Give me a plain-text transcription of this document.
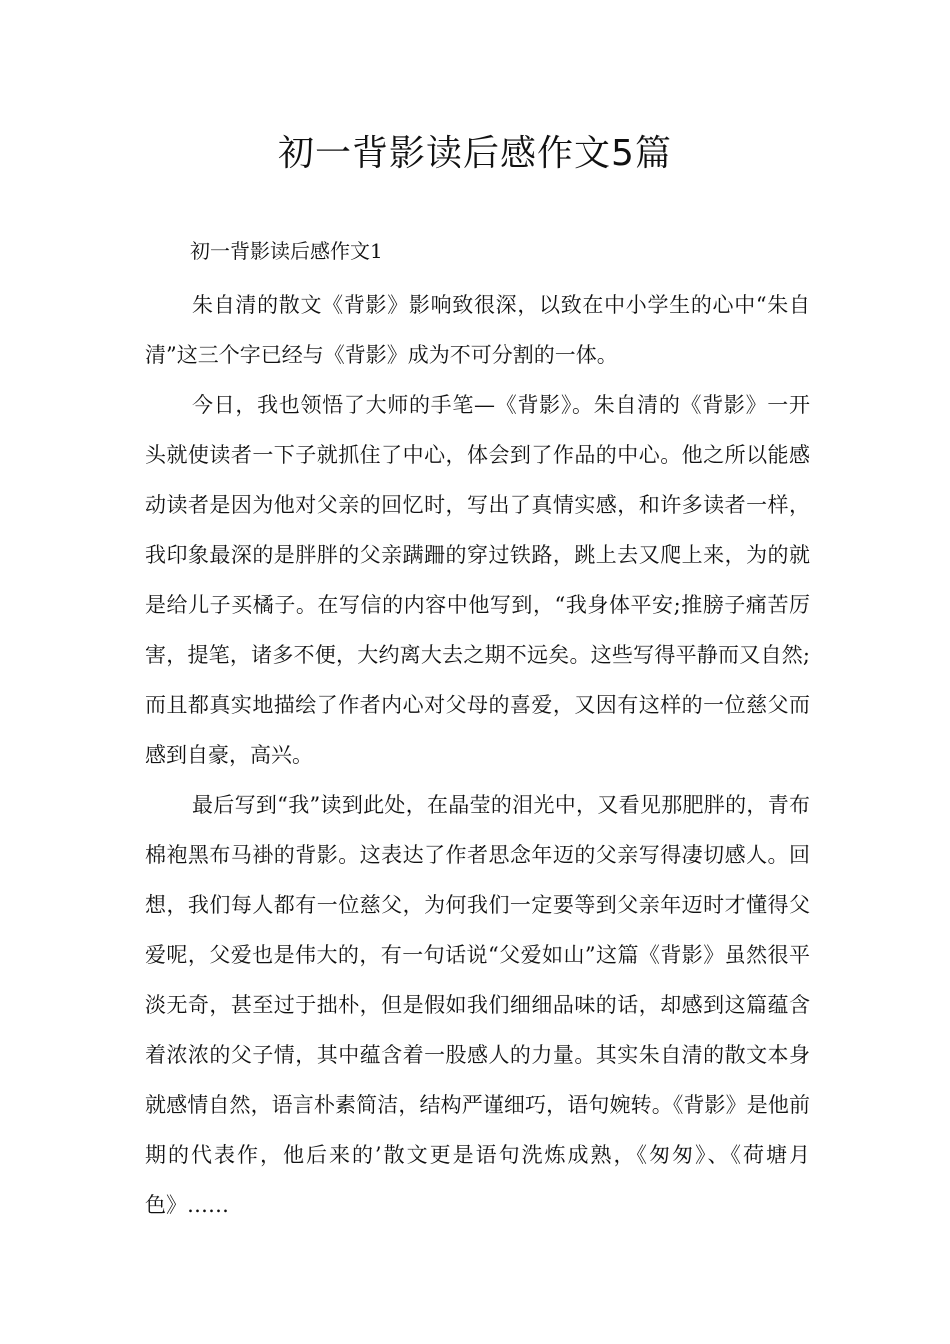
初一背影读后感作文5篇

初一背影读后感作文1

朱自清的散文《背影》影响致很深，以致在中小学生的心中“朱自清”这三个字已经与《背影》成为不可分割的一体。

今日，我也领悟了大师的手笔—《背影》。朱自清的《背影》一开头就使读者一下子就抓住了中心，体会到了作品的中心。他之所以能感动读者是因为他对父亲的回忆时，写出了真情实感，和许多读者一样，我印象最深的是胖胖的父亲蹒跚的穿过铁路，跳上去又爬上来，为的就是给儿子买橘子。在写信的内容中他写到，“我身体平安;推膀子痛苦厉害，提笔，诸多不便，大约离大去之期不远矣。这些写得平静而又自然;而且都真实地描绘了作者内心对父母的喜爱，又因有这样的一位慈父而感到自豪，高兴。

最后写到“我”读到此处，在晶莹的泪光中，又看见那肥胖的，青布棉袍黑布马褂的背影。这表达了作者思念年迈的父亲写得凄切感人。回想，我们每人都有一位慈父，为何我们一定要等到父亲年迈时才懂得父爱呢，父爱也是伟大的，有一句话说“父爱如山”这篇《背影》虽然很平淡无奇，甚至过于拙朴，但是假如我们细细品味的话，却感到这篇蕴含着浓浓的父子情，其中蕴含着一股感人的力量。其实朱自清的散文本身就感情自然，语言朴素简洁，结构严谨细巧，语句婉转。《背影》是他前期的代表作，他后来的’散文更是语句洗炼成熟，《匆匆》、《荷塘月色》……
